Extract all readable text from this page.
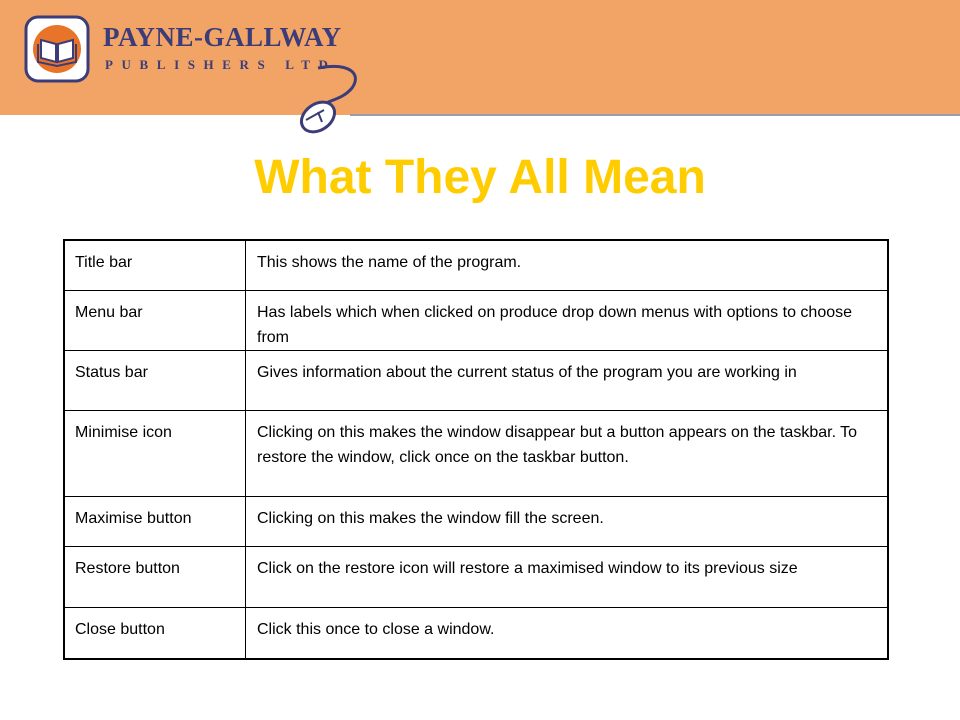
PAYNE-GALLWAY
PUBLISHERS LTD
What They All Mean
Title bar	This shows the name of the program.
Menu bar	Has labels which when clicked on produce drop down menus with options to choose from
Status bar	Gives information about the current status of the program you are working in
Minimise icon	Clicking on this makes the window disappear but a button appears on the taskbar. To restore the window, click once on the taskbar button.
Maximise button	Clicking on this makes the window fill the screen.
Restore button	Click on the restore icon will restore a maximised window to its previous size
Close button	Click this once to close a window.
